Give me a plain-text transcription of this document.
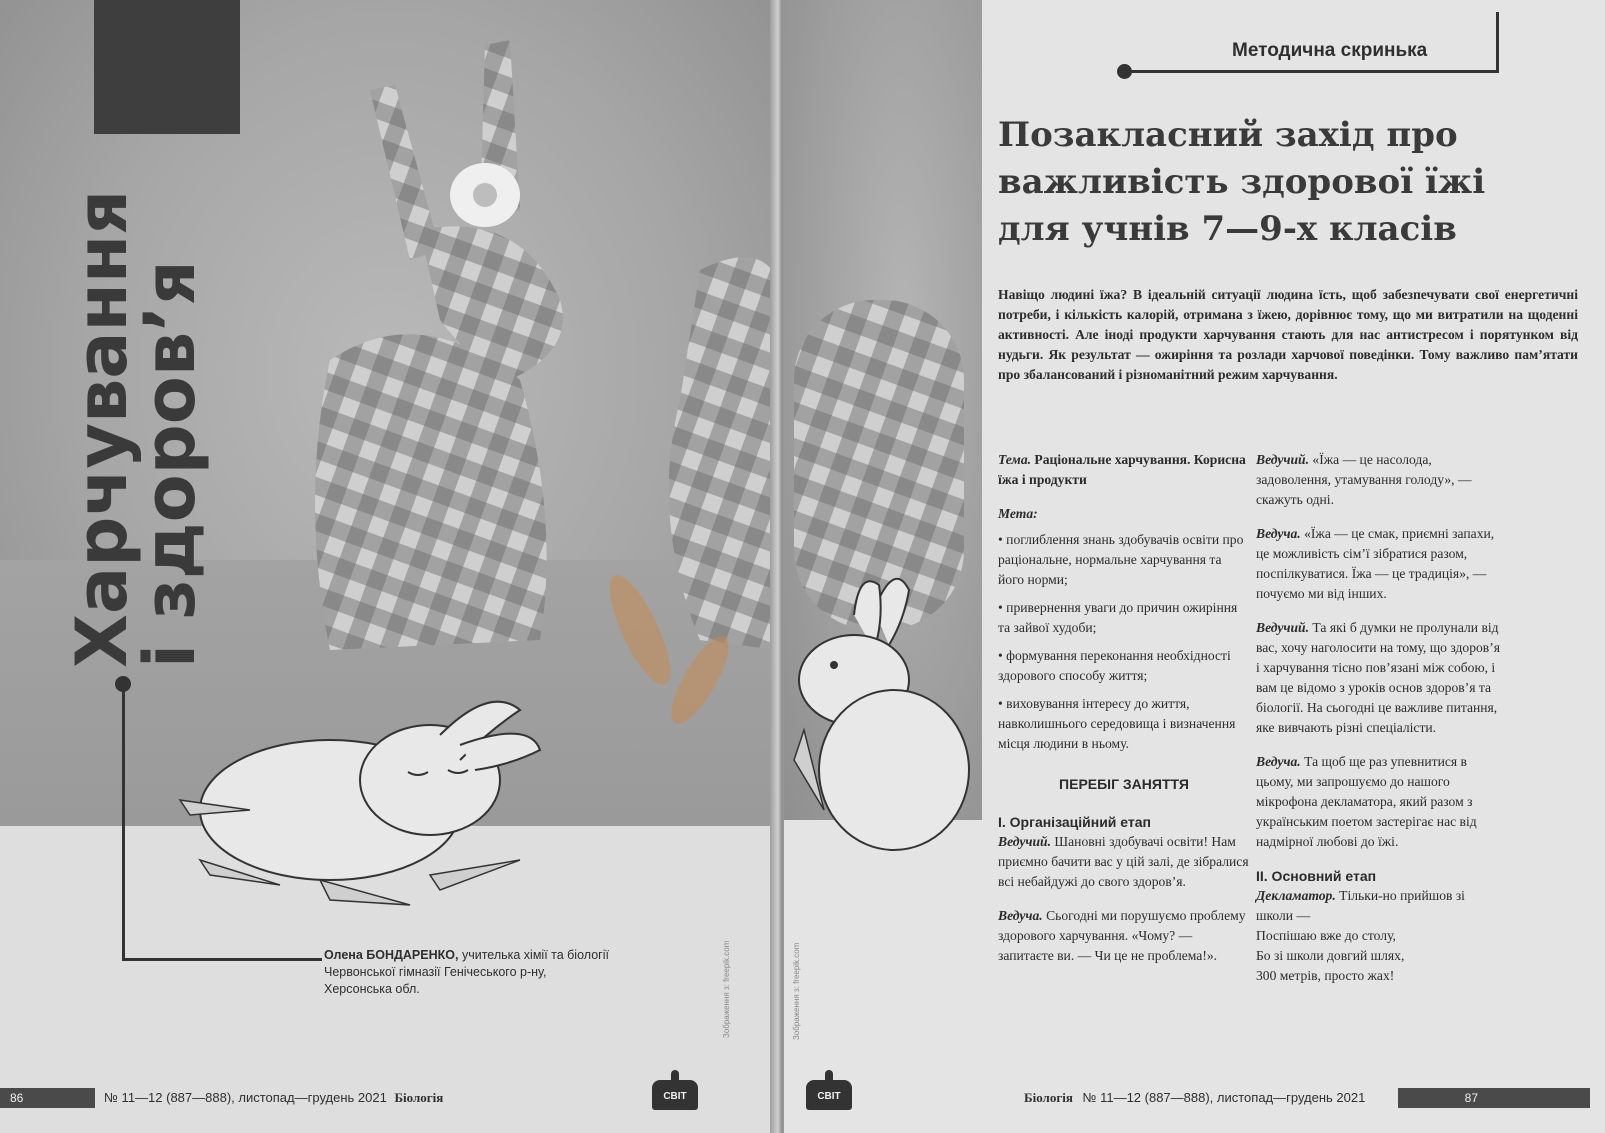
Харчування
і здоров’я
Олена БОНДАРЕНКО, учителька хімії та біології Червонської гімназії Генічеського р-ну, Херсонська обл.	Зображення з: freepik.com
86	№ 11—12 (887—888), листопад—грудень 2021 Біологія	СВІТ
Методична скринька
Позакласний захід про важливість здорової їжі для учнів 7—9-х класів
Навіщо людині їжа? В ідеальній ситуації людина їсть, щоб забезпечувати свої енергетичні потреби, і кількість калорій, отримана з їжею, дорівнює тому, що ми витратили на щоденні активності. Але іноді продукти харчування стають для нас антистресом і порятунком від нудьги. Як результат — ожиріння та розлади харчової поведінки. Тому важливо пам’ятати про збалансований і різноманітний режим харчування.

Тема. Раціональне харчування. Корисна їжа і продукти

Мета:

• поглиблення знань здобувачів освіти про раціональне, нормальне харчування та його норми;
• привернення уваги до причин ожиріння та зайвої худоби;
• формування переконання необхідності здорового способу життя;
• виховування інтересу до життя, навколишнього середовища і визначення місця людини в ньому.

ПЕРЕБІГ ЗАНЯТТЯ

І. Організаційний етап

Ведучий. Шановні здобувачі освіти! Нам приємно бачити вас у цій залі, де зібралися всі небайдужі до свого здоров’я.

Ведуча. Сьогодні ми порушуємо проблему здорового харчування. «Чому? — запитаєте ви. — Чи це не проблема!».

Ведучий. «Їжа — це насолода, задоволення, утамування голоду», — скажуть одні.

Ведуча. «Їжа — це смак, приємні запахи, це можливість сім’ї зібратися разом, поспілкуватися. Їжа — це традиція», — почуємо ми від інших.

Ведучий. Та які б думки не пролунали від вас, хочу наголосити на тому, що здоров’я і харчування тісно пов’язані між собою, і вам це відомо з уроків основ здоров’я та біології. На сьогодні це важливе питання, яке вивчають різні спеціалісти.

Ведуча. Та щоб ще раз упевнитися в цьому, ми запрошуємо до нашого мікрофона декламатора, який разом з українським поетом застерігає нас від надмірної любові до їжі.

ІІ. Основний етап

Декламатор. Тільки-но прийшов зі школи —

Поспішаю вже до столу,

Бо зі школи довгий шлях,

300 метрів, просто жах!

Зображення з: freepik.com
СВІТ	Біологія № 11—12 (887—888), листопад—грудень 2021	87
